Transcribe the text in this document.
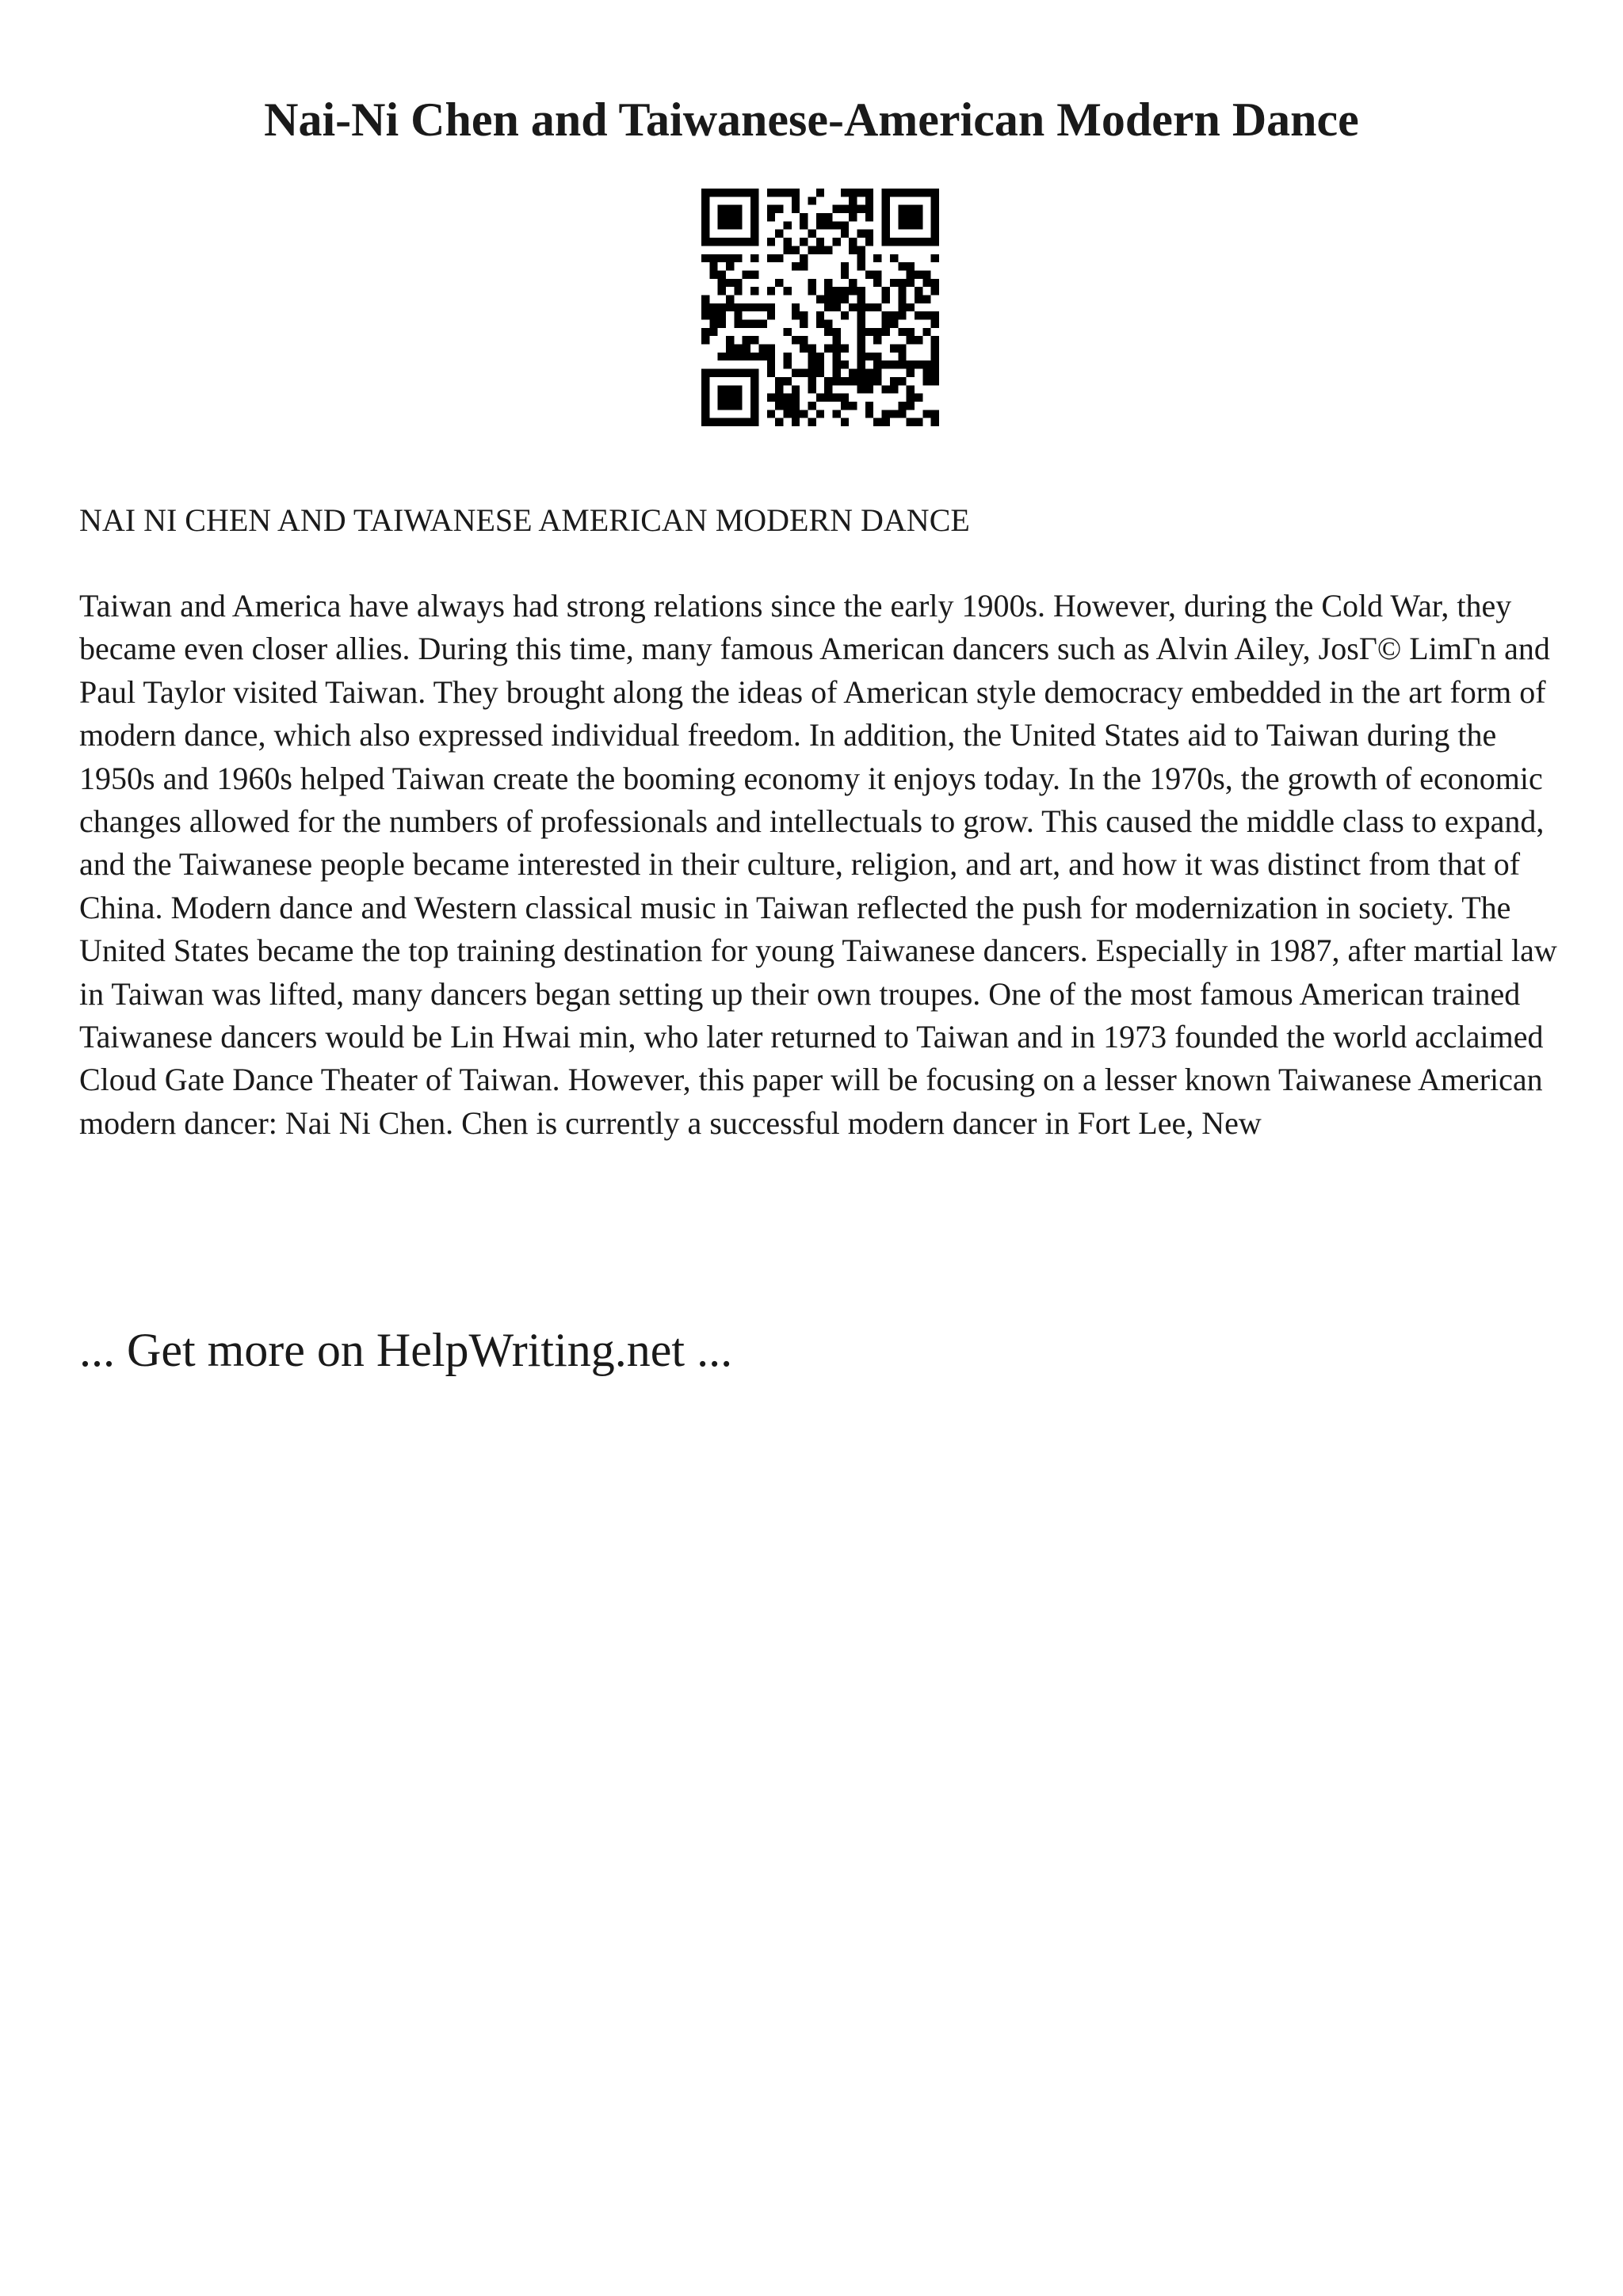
Nai-Ni Chen and Taiwanese-American Modern Dance

NAI NI CHEN AND TAIWANESE AMERICAN MODERN DANCE

Taiwan and America have always had strong relations since the early 1900s. However, during the Cold War, they became even closer allies. During this time, many famous American dancers such as Alvin Ailey, JosΓ© LimΓn and Paul Taylor visited Taiwan. They brought along the ideas of American style democracy embedded in the art form of modern dance, which also expressed individual freedom. In addition, the United States aid to Taiwan during the 1950s and 1960s helped Taiwan create the booming economy it enjoys today. In the 1970s, the growth of economic changes allowed for the numbers of professionals and intellectuals to grow. This caused the middle class to expand, and the Taiwanese people became interested in their culture, religion, and art, and how it was distinct from that of China. Modern dance and Western classical music in Taiwan reflected the push for modernization in society. The United States became the top training destination for young Taiwanese dancers. Especially in 1987, after martial law in Taiwan was lifted, many dancers began setting up their own troupes. One of the most famous American trained Taiwanese dancers would be Lin Hwai min, who later returned to Taiwan and in 1973 founded the world acclaimed Cloud Gate Dance Theater of Taiwan. However, this paper will be focusing on a lesser known Taiwanese American modern dancer: Nai Ni Chen. Chen is currently a successful modern dancer in Fort Lee, New

... Get more on HelpWriting.net ...
